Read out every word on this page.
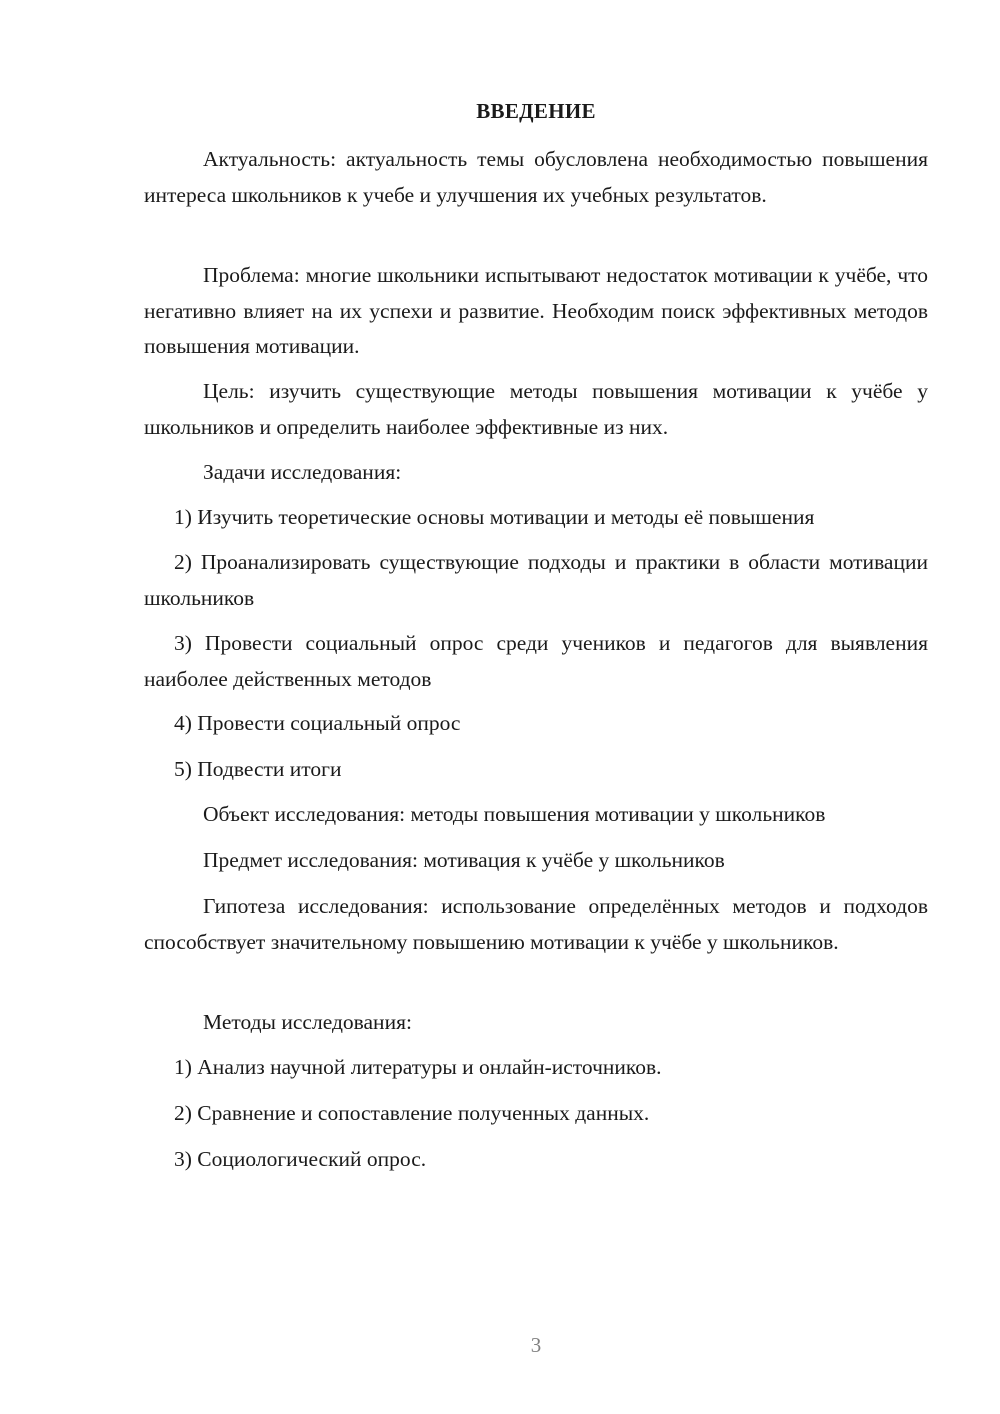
ВВЕДЕНИЕ

Актуальность: актуальность темы обусловлена необходимостью повышения интереса школьников к учебе и улучшения их учебных результатов.

Проблема: многие школьники испытывают недостаток мотивации к учёбе, что негативно влияет на их успехи и развитие. Необходим поиск эффективных методов повышения мотивации.

Цель: изучить существующие методы повышения мотивации к учёбе у школьников и определить наиболее эффективные из них.

Задачи исследования:

1) Изучить теоретические основы мотивации и методы её повышения

2) Проанализировать существующие подходы и практики в области мотивации школьников

3) Провести социальный опрос среди учеников и педагогов для выявления наиболее действенных методов

4) Провести социальный опрос

5) Подвести итоги

Объект исследования: методы повышения мотивации у школьников

Предмет исследования: мотивация к учёбе у школьников

Гипотеза исследования: использование определённых методов и подходов способствует значительному повышению мотивации к учёбе у школьников.

Методы исследования:

1) Анализ научной литературы и онлайн-источников.

2) Сравнение и сопоставление полученных данных.

3) Социологический опрос.

3
